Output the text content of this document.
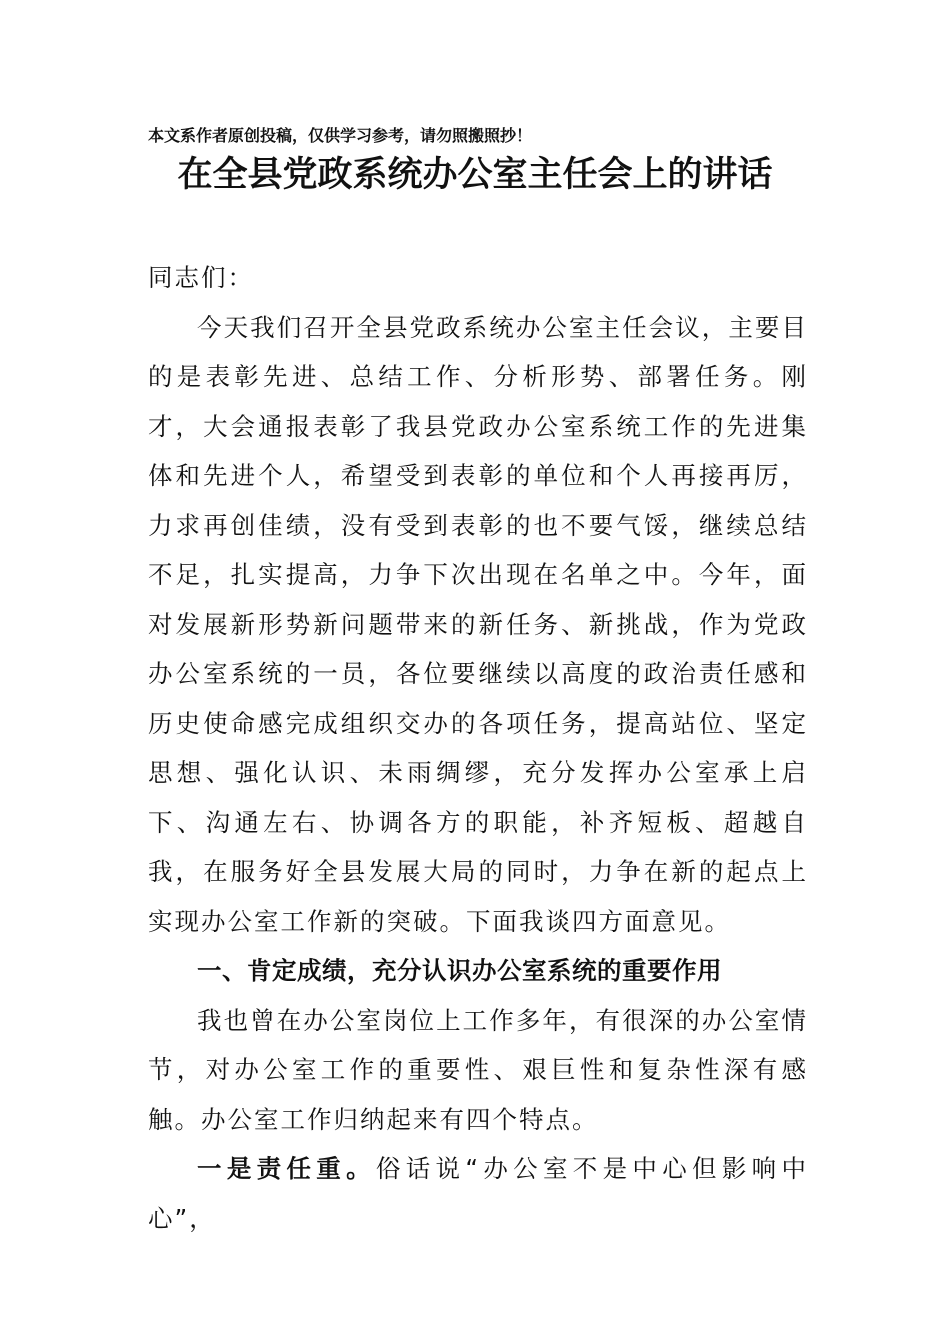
本文系作者原创投稿，仅供学习参考，请勿照搬照抄！
在全县党政系统办公室主任会上的讲话

同志们：

今天我们召开全县党政系统办公室主任会议，主要目的是表彰先进、总结工作、分析形势、部署任务。刚才，大会通报表彰了我县党政办公室系统工作的先进集体和先进个人，希望受到表彰的单位和个人再接再厉，力求再创佳绩，没有受到表彰的也不要气馁，继续总结不足，扎实提高，力争下次出现在名单之中。今年，面对发展新形势新问题带来的新任务、新挑战，作为党政办公室系统的一员，各位要继续以高度的政治责任感和历史使命感完成组织交办的各项任务，提高站位、坚定思想、强化认识、未雨绸缪，充分发挥办公室承上启下、沟通左右、协调各方的职能，补齐短板、超越自我，在服务好全县发展大局的同时，力争在新的起点上实现办公室工作新的突破。下面我谈四方面意见。

一、肯定成绩，充分认识办公室系统的重要作用

我也曾在办公室岗位上工作多年，有很深的办公室情节，对办公室工作的重要性、艰巨性和复杂性深有感触。办公室工作归纳起来有四个特点。

一是责任重。俗话说“办公室不是中心但影响中心”，
